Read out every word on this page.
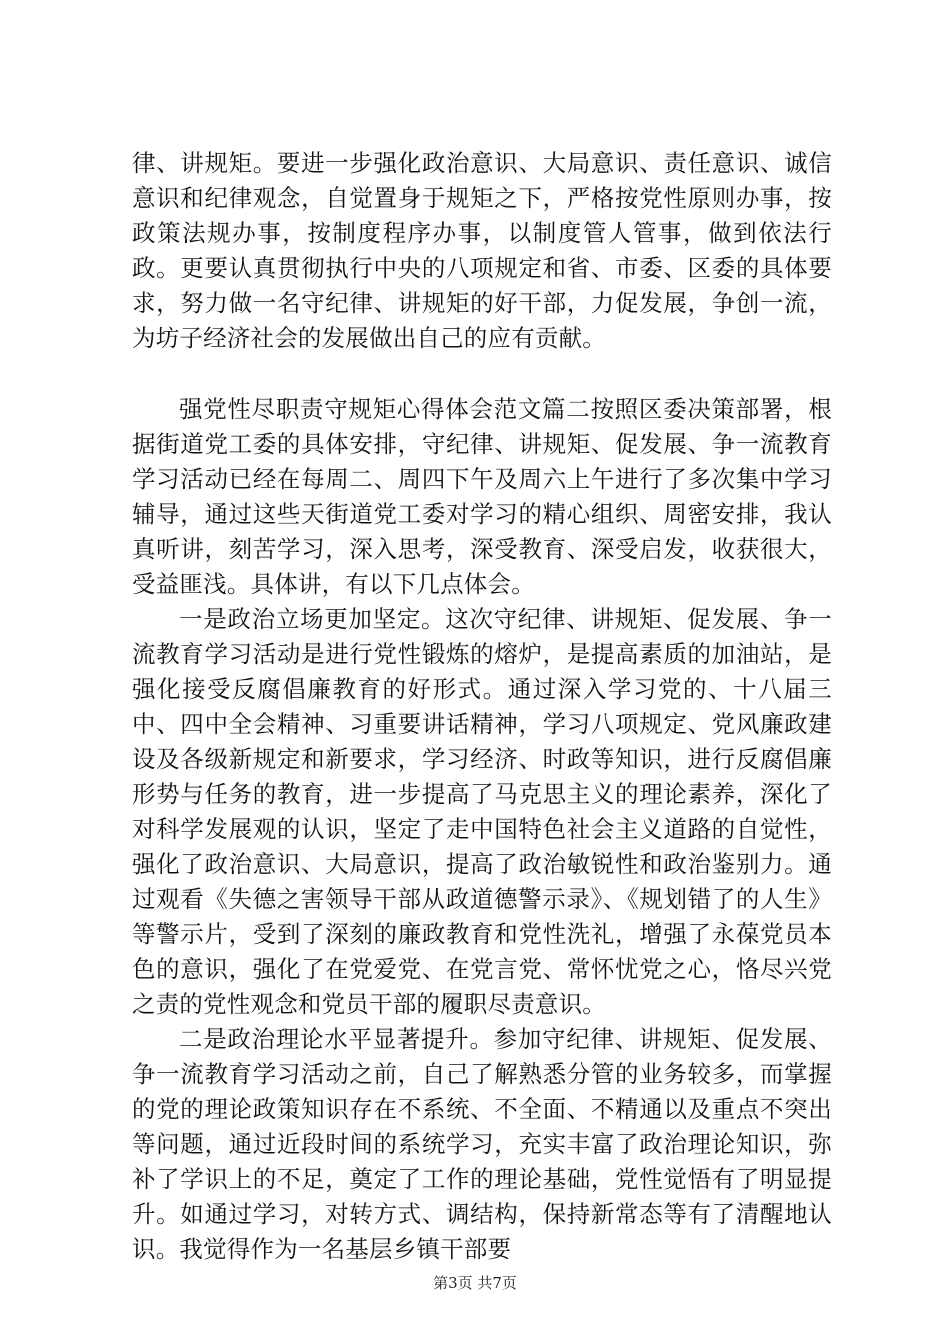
律、讲规矩。要进一步强化政治意识、大局意识、责任意识、诚信意识和纪律观念，自觉置身于规矩之下，严格按党性原则办事，按政策法规办事，按制度程序办事，以制度管人管事，做到依法行政。更要认真贯彻执行中央的八项规定和省、市委、区委的具体要求，努力做一名守纪律、讲规矩的好干部，力促发展，争创一流，为坊子经济社会的发展做出自己的应有贡献。

强党性尽职责守规矩心得体会范文篇二按照区委决策部署，根据街道党工委的具体安排，守纪律、讲规矩、促发展、争一流教育学习活动已经在每周二、周四下午及周六上午进行了多次集中学习辅导，通过这些天街道党工委对学习的精心组织、周密安排，我认真听讲，刻苦学习，深入思考，深受教育、深受启发，收获很大，受益匪浅。具体讲，有以下几点体会。

一是政治立场更加坚定。这次守纪律、讲规矩、促发展、争一流教育学习活动是进行党性锻炼的熔炉，是提高素质的加油站，是强化接受反腐倡廉教育的好形式。通过深入学习党的、十八届三中、四中全会精神、习重要讲话精神，学习八项规定、党风廉政建设及各级新规定和新要求，学习经济、时政等知识，进行反腐倡廉形势与任务的教育，进一步提高了马克思主义的理论素养，深化了对科学发展观的认识，坚定了走中国特色社会主义道路的自觉性，强化了政治意识、大局意识，提高了政治敏锐性和政治鉴别力。通过观看《失德之害领导干部从政道德警示录》、《规划错了的人生》等警示片，受到了深刻的廉政教育和党性洗礼，增强了永葆党员本色的意识，强化了在党爱党、在党言党、常怀忧党之心，恪尽兴党之责的党性观念和党员干部的履职尽责意识。

二是政治理论水平显著提升。参加守纪律、讲规矩、促发展、争一流教育学习活动之前，自己了解熟悉分管的业务较多，而掌握的党的理论政策知识存在不系统、不全面、不精通以及重点不突出等问题，通过近段时间的系统学习，充实丰富了政治理论知识，弥补了学识上的不足，奠定了工作的理论基础，党性觉悟有了明显提升。如通过学习，对转方式、调结构，保持新常态等有了清醒地认识。我觉得作为一名基层乡镇干部要

第3页 共7页
